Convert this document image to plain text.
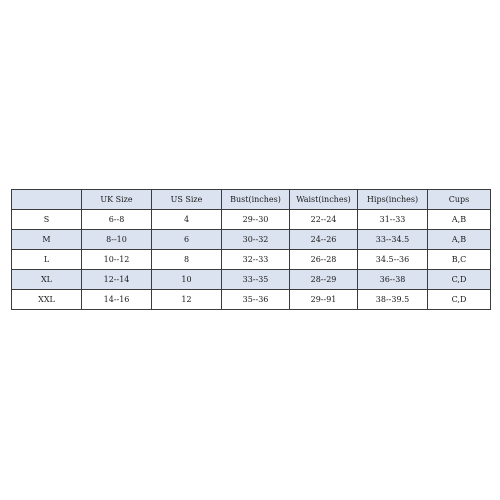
	UK Size	US Size	Bust(inches)	Waist(inches)	Hips(inches)	Cups
S	6--8	4	29--30	22--24	31--33	A,B
M	8--10	6	30--32	24--26	33--34.5	A,B
L	10--12	8	32--33	26--28	34.5--36	B,C
XL	12--14	10	33--35	28--29	36--38	C,D
XXL	14--16	12	35--36	29--91	38--39.5	C,D
